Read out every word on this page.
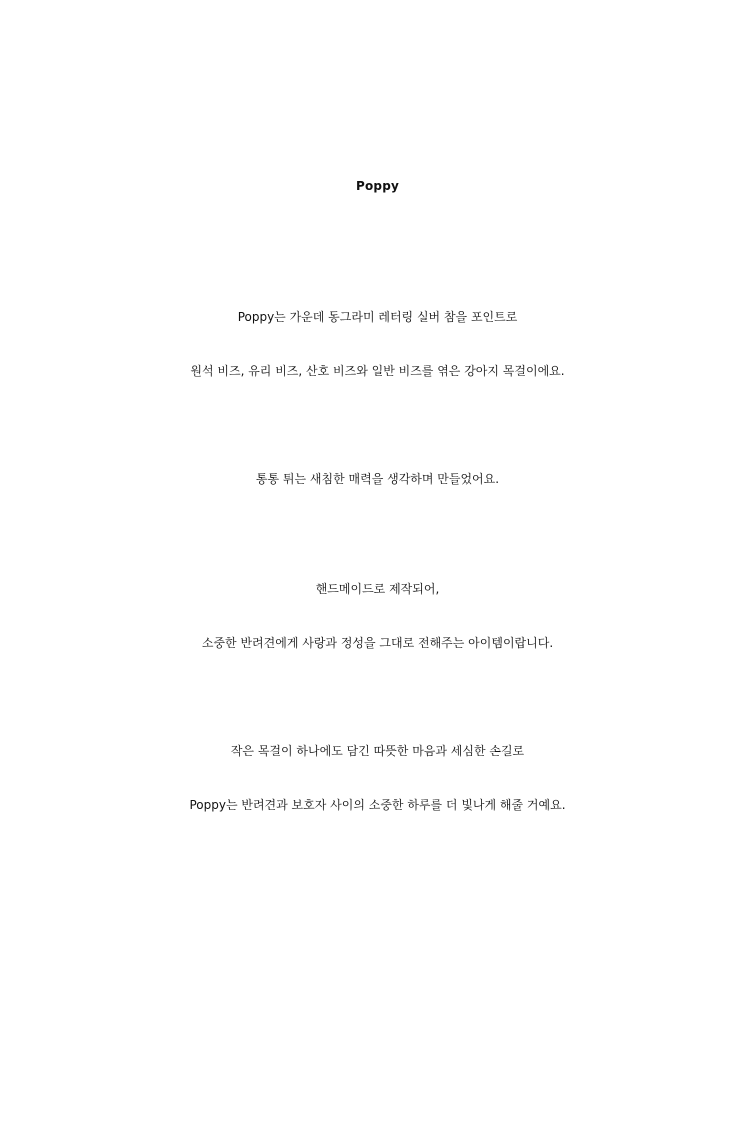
Poppy
Poppy는 가운데 동그라미 레터링 실버 참을 포인트로
원석 비즈, 유리 비즈, 산호 비즈와 일반 비즈를 엮은 강아지 목걸이에요.
통통 튀는 새침한 매력을 생각하며 만들었어요.
핸드메이드로 제작되어,
소중한 반려견에게 사랑과 정성을 그대로 전해주는 아이템이랍니다.
작은 목걸이 하나에도 담긴 따뜻한 마음과 세심한 손길로
Poppy는 반려견과 보호자 사이의 소중한 하루를 더 빛나게 해줄 거예요.
